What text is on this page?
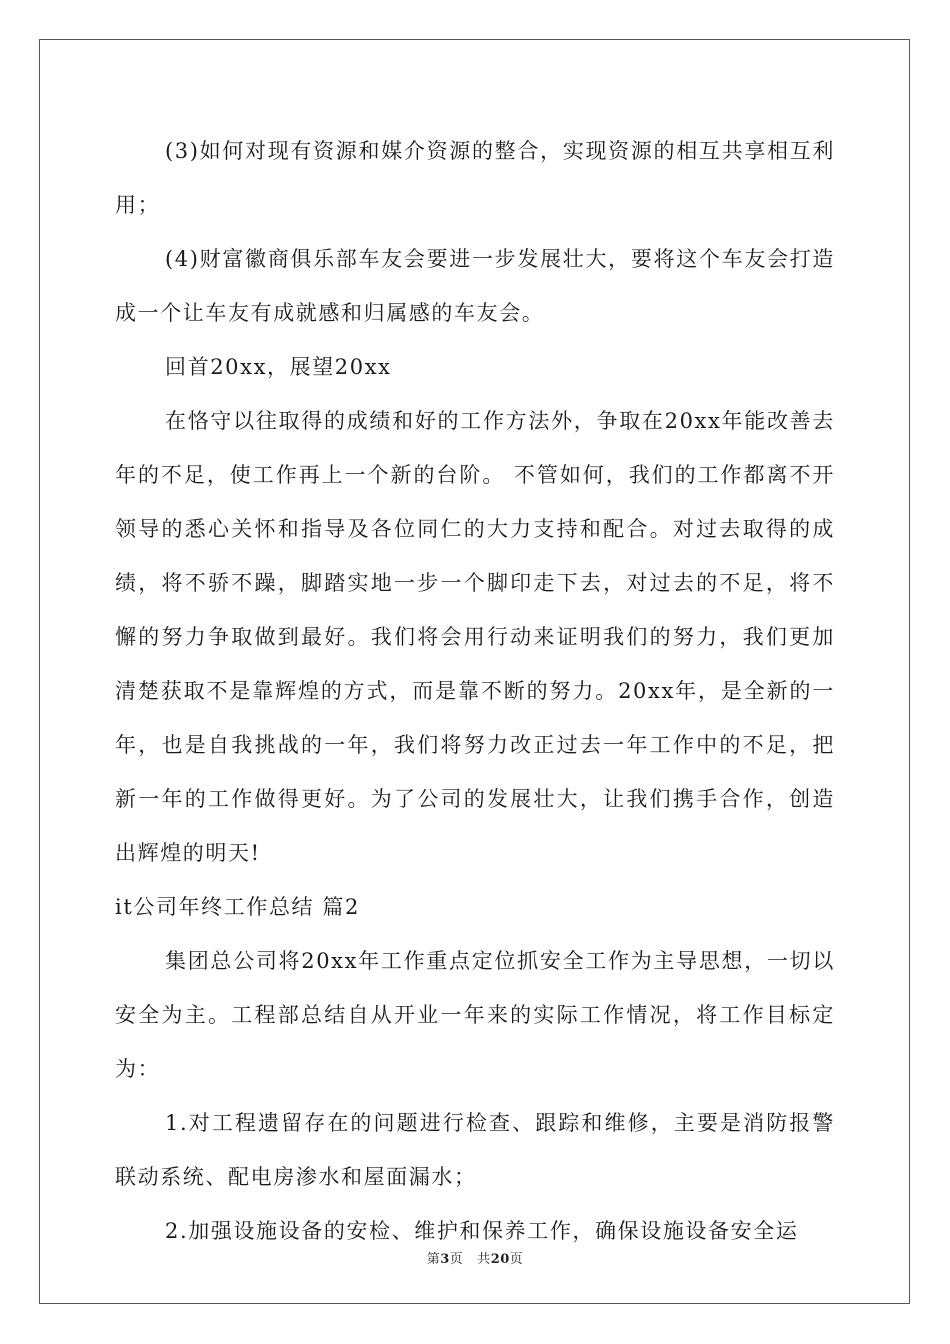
(3)如何对现有资源和媒介资源的整合，实现资源的相互共享相互利用；

(4)财富徽商俱乐部车友会要进一步发展壮大，要将这个车友会打造成一个让车友有成就感和归属感的车友会。

回首20xx，展望20xx

在恪守以往取得的成绩和好的工作方法外，争取在20xx年能改善去年的不足，使工作再上一个新的台阶。 不管如何，我们的工作都离不开领导的悉心关怀和指导及各位同仁的大力支持和配合。对过去取得的成绩，将不骄不躁，脚踏实地一步一个脚印走下去，对过去的不足，将不懈的努力争取做到最好。我们将会用行动来证明我们的努力，我们更加清楚获取不是靠辉煌的方式，而是靠不断的努力。20xx年，是全新的一年，也是自我挑战的一年，我们将努力改正过去一年工作中的不足，把新一年的工作做得更好。为了公司的发展壮大，让我们携手合作，创造出辉煌的明天!

it公司年终工作总结 篇2

集团总公司将20xx年工作重点定位抓安全工作为主导思想，一切以安全为主。工程部总结自从开业一年来的实际工作情况，将工作目标定为：

1.对工程遗留存在的问题进行检查、跟踪和维修，主要是消防报警联动系统、配电房渗水和屋面漏水；

2.加强设施设备的安检、维护和保养工作，确保设施设备安全运

第3页 共20页
